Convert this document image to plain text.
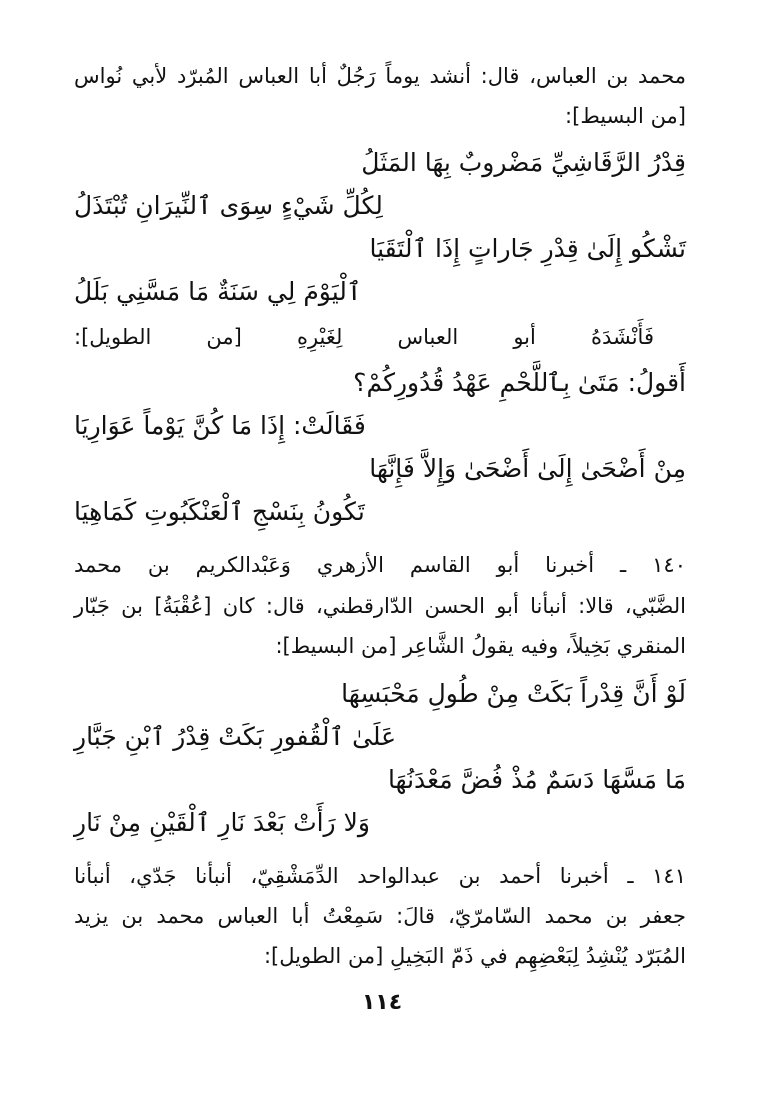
محمد بن العباس، قال: أنشد يوماً رَجُلٌ أبا العباس المُبرّد لأبي نُواس
[من البسيط]:
قِدْرُ الرَّقَاشِيِّ مَضْروبٌ بِهَا المَثَلُ
لِكُلِّ شَيْءٍ سِوَى ٱلنِّيرَانِ تُبْتَذَلُ
تَشْكُو إِلَىٰ قِدْرِ جَاراتٍ إِذَا ٱلْتَقَيَا
ٱلْيَوْمَ لِي سَنَةٌ مَا مَسَّنِي بَلَلُ
فَأَنْشَدَهُ أبو العباس لِغَيْرِهِ [من الطويل]:
أَقولُ: مَتَىٰ بِٱللَّحْمِ عَهْدُ قُدُورِكُمْ؟
فَقَالَتْ: إِذَا مَا كُنَّ يَوْماً عَوَارِيَا
مِنْ أَضْحَىٰ إِلَىٰ أَضْحَىٰ وَإِلاَّ فَإِنَّهَا
تَكُونُ بِنَسْجِ ٱلْعَنْكَبُوتِ كَمَاهِيَا
١٤٠ ـ أخبرنا أبو القاسم الأزهري وَعَبْدالكريم بن محمد
الضَّبّي، قالا: أنبأنا أبو الحسن الدّارقطني، قال: كان [عُقْبَةُ] بن جَبّار
المنقري بَخِيلاً، وفيه يقولُ الشَّاعِر [من البسيط]:
لَوْ أَنَّ قِدْراً بَكَتْ مِنْ طُولِ مَحْبَسِهَا
عَلَىٰ ٱلْقُفورِ بَكَتْ قِدْرُ ٱبْنِ جَبَّارِ
مَا مَسَّهَا دَسَمٌ مُذْ فُضَّ مَعْدَنُهَا
وَلا رَأَتْ بَعْدَ نَارِ ٱلْقَيْنِ مِنْ نَارِ
١٤١ ـ أخبرنا أحمد بن عبدالواحد الدِّمَشْقِيّ، أنبأنا جَدّي، أنبأنا
جعفر بن محمد السّامرّيّ، قالَ: سَمِعْتُ أبا العباس محمد بن يزيد
المُبَرّد يُنْشِدُ لِبَعْضِهِم في ذَمّ البَخِيلِ [من الطويل]:
١١٤
